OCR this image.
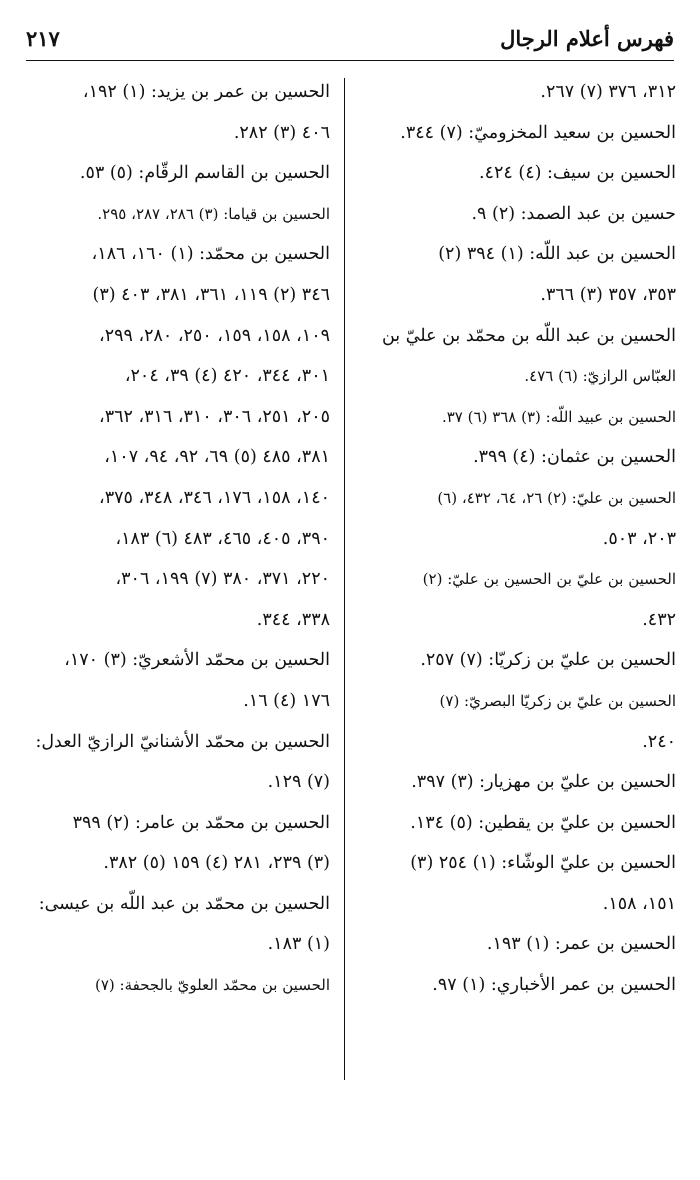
فهرس أعلام الرجال
٢١٧
٣١٢، ٣٧٦ (٧) ٢٦٧.
الحسين بن سعيد المخزوميّ: (٧) ٣٤٤.
الحسين بن سيف: (٤) ٤٢٤.
حسين بن عبد الصمد: (٢) ٩.
الحسين بن عبد اللّه: (١) ٣٩٤ (٢)
٣٥٣، ٣٥٧ (٣) ٣٦٦.
الحسين بن عبد اللّه بن محمّد بن عليّ بن
العبّاس الرازيّ: (٦) ٤٧٦.
الحسين بن عبيد اللّه: (٣) ٣٦٨ (٦) ٣٧.
الحسين بن عثمان: (٤) ٣٩٩.
الحسين بن عليّ: (٢) ٢٦، ٦٤، ٤٣٢، (٦)
٢٠٣، ٥٠٣.
الحسين بن عليّ بن الحسين بن عليّ: (٢)
٤٣٢.
الحسين بن عليّ بن زكريّا: (٧) ٢٥٧.
الحسين بن عليّ بن زكريّا البصريّ: (٧)
٢٤٠.
الحسين بن عليّ بن مهزيار: (٣) ٣٩٧.
الحسين بن عليّ بن يقطين: (٥) ١٣٤.
الحسين بن عليّ الوشّاء: (١) ٢٥٤ (٣)
١٥١، ١٥٨.
الحسين بن عمر: (١) ١٩٣.
الحسين بن عمر الأخباري: (١) ٩٧.
الحسين بن عمر بن يزيد: (١) ١٩٢،
٤٠٦ (٣) ٢٨٢.
الحسين بن القاسم الرقّام: (٥) ٥٣.
الحسين بن قياما: (٣) ٢٨٦، ٢٨٧، ٢٩٥.
الحسين بن محمّد: (١) ١٦٠، ١٨٦،
٣٤٦ (٢) ١١٩، ٣٦١، ٣٨١، ٤٠٣ (٣)
١٠٩، ١٥٨، ١٥٩، ٢٥٠، ٢٨٠، ٢٩٩،
٣٠١، ٣٤٤، ٤٢٠ (٤) ٣٩، ٢٠٤،
٢٠٥، ٢٥١، ٣٠٦، ٣١٠، ٣١٦، ٣٦٢،
٣٨١، ٤٨٥ (٥) ٦٩، ٩٢، ٩٤، ١٠٧،
١٤٠، ١٥٨، ١٧٦، ٣٤٦، ٣٤٨، ٣٧٥،
٣٩٠، ٤٠٥، ٤٦٥، ٤٨٣ (٦) ١٨٣،
٢٢٠، ٣٧١، ٣٨٠ (٧) ١٩٩، ٣٠٦،
٣٣٨، ٣٤٤.
الحسين بن محمّد الأشعريّ: (٣) ١٧٠،
١٧٦ (٤) ١٦.
الحسين بن محمّد الأشنانيّ الرازيّ العدل:
(٧) ١٢٩.
الحسين بن محمّد بن عامر: (٢) ٣٩٩
(٣) ٢٣٩، ٢٨١ (٤) ١٥٩ (٥) ٣٨٢.
الحسين بن محمّد بن عبد اللّه بن عيسى:
(١) ١٨٣.
الحسين بن محمّد العلويّ بالجحفة: (٧)
